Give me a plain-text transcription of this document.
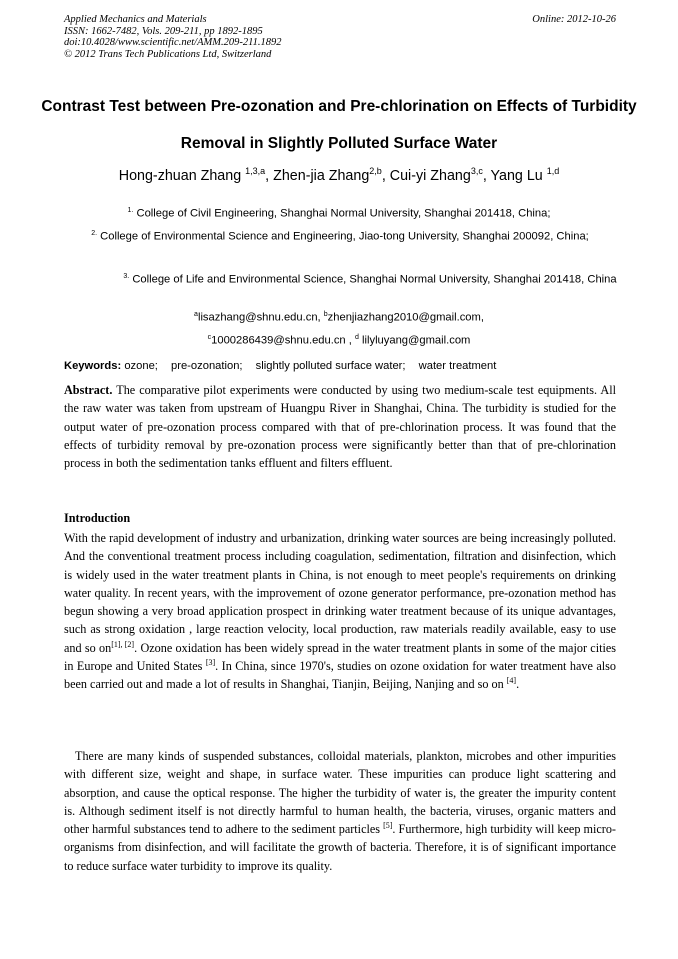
Applied Mechanics and Materials
ISSN: 1662-7482, Vols. 209-211, pp 1892-1895
doi:10.4028/www.scientific.net/AMM.209-211.1892
© 2012 Trans Tech Publications Ltd, Switzerland
Online: 2012-10-26
Contrast Test between Pre-ozonation and Pre-chlorination on Effects of Turbidity Removal in Slightly Polluted Surface Water
Hong-zhuan Zhang $^{1,3,a}$, Zhen-jia Zhang$^{2,b}$, Cui-yi Zhang$^{3,c}$, Yang Lu $^{1,d}$
$^{1.}$ College of Civil Engineering, Shanghai Normal University, Shanghai 201418, China;
$^{2.}$ College of Environmental Science and Engineering, Jiao-tong University, Shanghai 200092, China;
$^{3.}$ College of Life and Environmental Science, Shanghai Normal University, Shanghai 201418, China
$^a$lisazhang@shnu.edu.cn, $^b$zhenjiazhang2010@gmail.com,
$^c$1000286439@shnu.edu.cn , $^d$ lilyluyang@gmail.com
Keywords: ozone; pre-ozonation; slightly polluted surface water; water treatment
Abstract. The comparative pilot experiments were conducted by using two medium-scale test equipments. All the raw water was taken from upstream of Huangpu River in Shanghai, China. The turbidity is studied for the output water of pre-ozonation process compared with that of pre-chlorination process. It was found that the effects of turbidity removal by pre-ozonation process were significantly better than that of pre-chlorination process in both the sedimentation tanks effluent and filters effluent.
Introduction
With the rapid development of industry and urbanization, drinking water sources are being increasingly polluted. And the conventional treatment process including coagulation, sedimentation, filtration and disinfection, which is widely used in the water treatment plants in China, is not enough to meet people's requirements on drinking water quality. In recent years, with the improvement of ozone generator performance, pre-ozonation method has begun showing a very broad application prospect in drinking water treatment because of its unique advantages, such as strong oxidation , large reaction velocity, local production, raw materials readily available, easy to use and so on[1], [2]. Ozone oxidation has been widely spread in the water treatment plants in some of the major cities in Europe and United States [3]. In China, since 1970's, studies on ozone oxidation for water treatment have also been carried out and made a lot of results in Shanghai, Tianjin, Beijing, Nanjing and so on [4].
There are many kinds of suspended substances, colloidal materials, plankton, microbes and other impurities with different size, weight and shape, in surface water. These impurities can produce light scattering and absorption, and cause the optical response. The higher the turbidity of water is, the greater the impurity content is. Although sediment itself is not directly harmful to human health, the bacteria, viruses, organic matters and other harmful substances tend to adhere to the sediment particles [5]. Furthermore, high turbidity will keep micro-organisms from disinfection, and will facilitate the growth of bacteria. Therefore, it is of significant importance to reduce surface water turbidity to improve its quality.
